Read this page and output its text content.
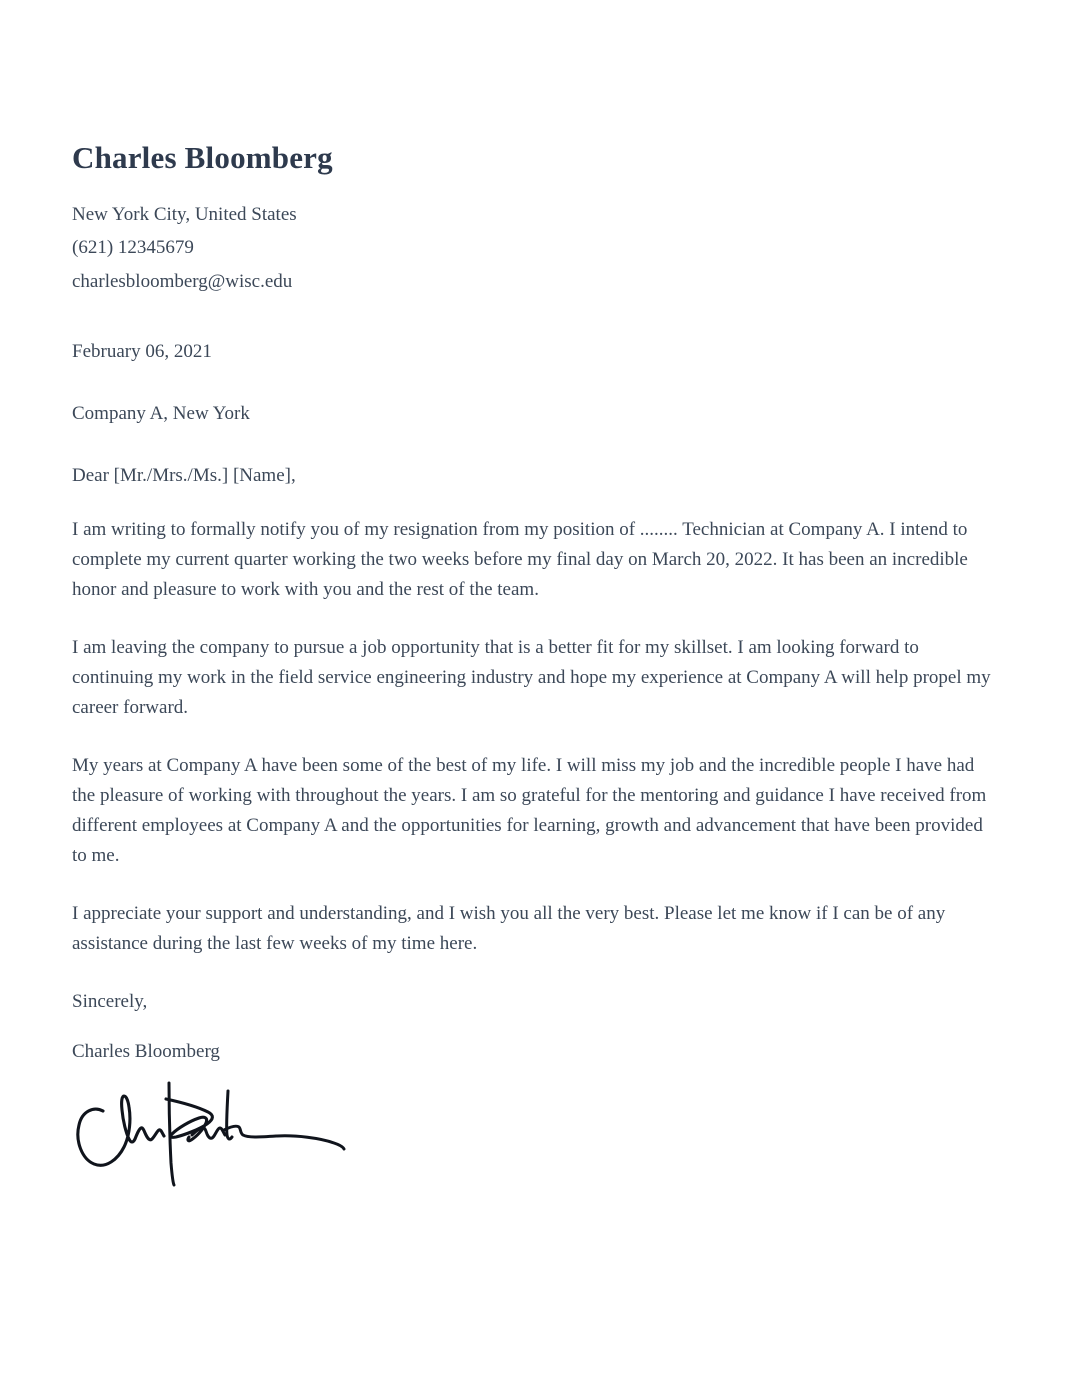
Charles Bloomberg

New York City, United States

(621) 12345679

charlesbloomberg@wisc.edu

February 06, 2021

Company A, New York

Dear [Mr./Mrs./Ms.] [Name],

I am writing to formally notify you of my resignation from my position of ........ Technician at Company A. I intend to complete my current quarter working the two weeks before my final day on March 20, 2022. It has been an incredible honor and pleasure to work with you and the rest of the team.

I am leaving the company to pursue a job opportunity that is a better fit for my skillset. I am looking forward to continuing my work in the field service engineering industry and hope my experience at Company A will help propel my career forward.

My years at Company A have been some of the best of my life. I will miss my job and the incredible people I have had the pleasure of working with throughout the years. I am so grateful for the mentoring and guidance I have received from different employees at Company A and the opportunities for learning, growth and advancement that have been provided to me.

I appreciate your support and understanding, and I wish you all the very best. Please let me know if I can be of any assistance during the last few weeks of my time here.

Sincerely,

Charles Bloomberg
